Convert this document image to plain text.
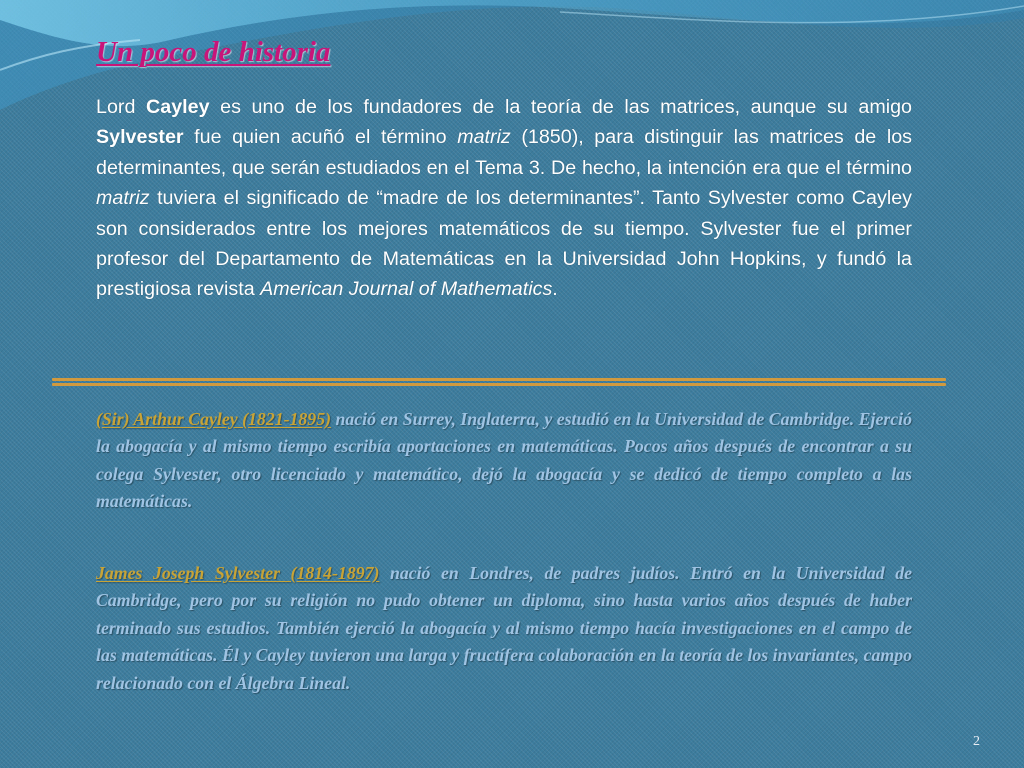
Un poco de historia

Lord Cayley es uno de los fundadores de la teoría de las matrices, aunque su amigo Sylvester fue quien acuñó el término matriz (1850), para distinguir las matrices de los determinantes, que serán estudiados en el Tema 3. De hecho, la intención era que el término matriz tuviera el significado de “madre de los determinantes”. Tanto Sylvester como Cayley son considerados entre los mejores matemáticos de su tiempo. Sylvester fue el primer profesor del Departamento de Matemáticas en la Universidad John Hopkins, y fundó la prestigiosa revista American Journal of Mathematics.

(Sir) Arthur Cayley (1821-1895) nació en Surrey, Inglaterra, y estudió en la Universidad de Cambridge. Ejerció la abogacía y al mismo tiempo escribía aportaciones en matemáticas. Pocos años después de encontrar a su colega Sylvester, otro licenciado y matemático, dejó la abogacía y se dedicó de tiempo completo a las matemáticas.

James Joseph Sylvester (1814-1897) nació en Londres, de padres judíos. Entró en la Universidad de Cambridge, pero por su religión no pudo obtener un diploma, sino hasta varios años después de haber terminado sus estudios. También ejerció la abogacía y al mismo tiempo hacía investigaciones en el campo de las matemáticas. Él y Cayley tuvieron una larga y fructífera colaboración en la teoría de los invariantes, campo relacionado con el Álgebra Lineal.

2
